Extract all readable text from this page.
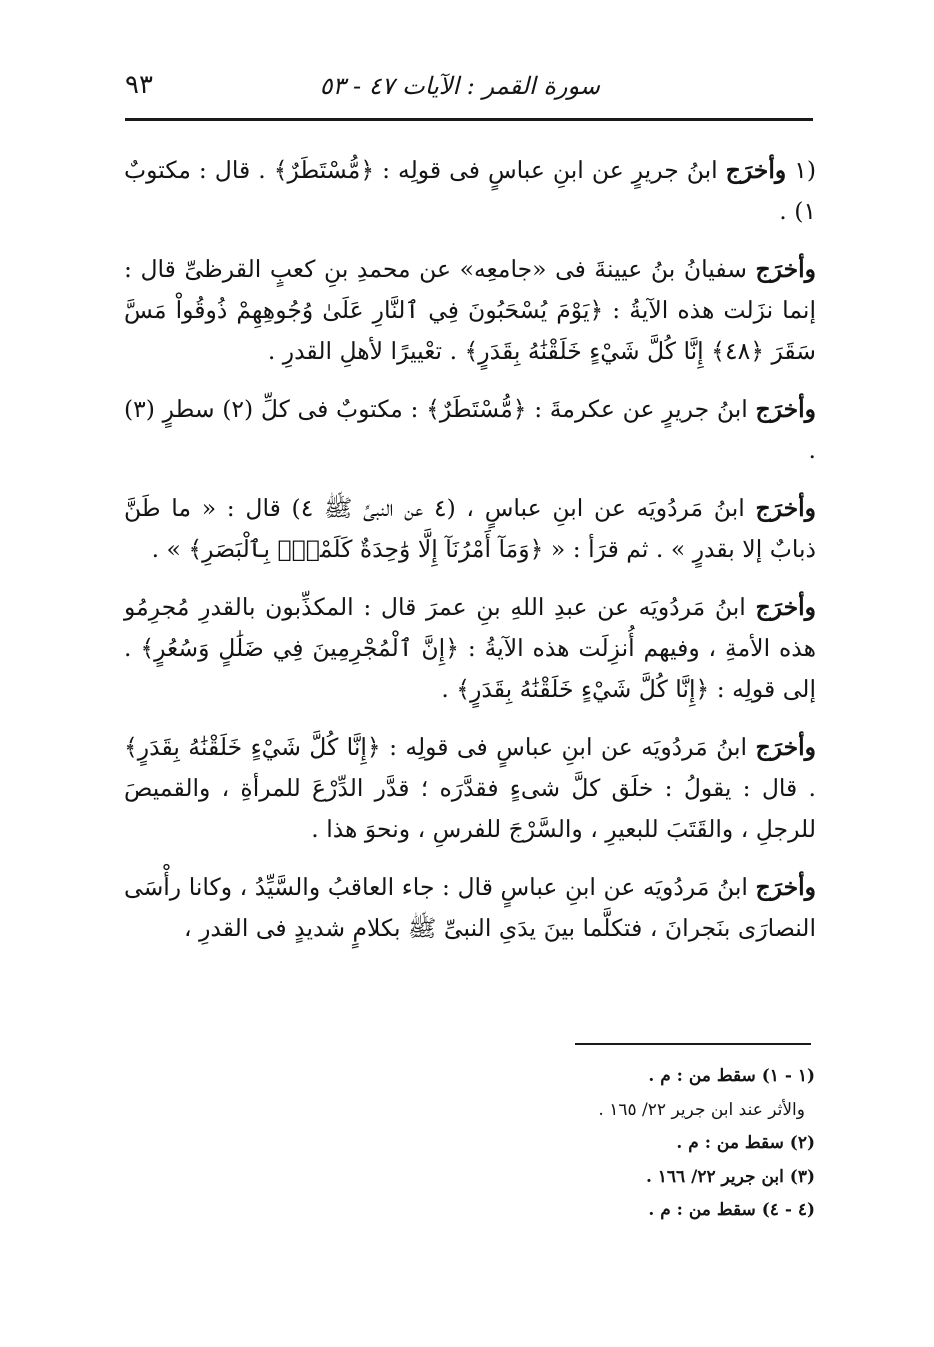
سورة القمر : الآيات ٤٧ - ٥٣
٩٣

(١ وأخرَج ابنُ جريرٍ عن ابنِ عباسٍ فى قولِه : ﴿مُّسْتَطَرٌ﴾ . قال : مكتوبٌ ١) .

وأخرَج سفيانُ بنُ عيينةَ فى «جامعِه» عن محمدِ بنِ كعبٍ القرظىِّ قال : إنما نزَلت هذه الآيةُ : ﴿يَوْمَ يُسْحَبُونَ فِي ٱلنَّارِ عَلَىٰ وُجُوهِهِمْ ذُوقُواْ مَسَّ سَقَرَ ﴿٤٨﴾ إِنَّا كُلَّ شَيْءٍ خَلَقْنَٰهُ بِقَدَرٍ﴾ . تعْييرًا لأهلِ القدرِ .

وأخرَج ابنُ جريرٍ عن عكرمةَ : ﴿مُّسْتَطَرٌ﴾ : مكتوبٌ فى كلِّ (٢) سطرٍ (٣) .

وأخرَج ابنُ مَردُويَه عن ابنِ عباسٍ ، (٤ عن النبىِّ ﷺ ٤) قال : « ما طَنَّ ذبابٌ إلا بقدرٍ » . ثم قرَأ : « ﴿وَمَآ أَمْرُنَآ إِلَّا وَٰحِدَةٌ كَلَمْحٍۭ بِٱلْبَصَرِ﴾ » .

وأخرَج ابنُ مَردُويَه عن عبدِ اللهِ بنِ عمرَ قال : المكذِّبون بالقدرِ مُجرِمُو هذه الأمةِ ، وفيهم أُنزِلَت هذه الآيةُ : ﴿إِنَّ ٱلْمُجْرِمِينَ فِي ضَلَٰلٍ وَسُعُرٍ﴾ . إلى قولِه : ﴿إِنَّا كُلَّ شَيْءٍ خَلَقْنَٰهُ بِقَدَرٍ﴾ .

وأخرَج ابنُ مَردُويَه عن ابنِ عباسٍ فى قولِه : ﴿إِنَّا كُلَّ شَيْءٍ خَلَقْنَٰهُ بِقَدَرٍ﴾ . قال : يقولُ : خلَق كلَّ شىءٍ فقدَّرَه ؛ قدَّر الدِّرْعَ للمرأةِ ، والقميصَ للرجلِ ، والقَتَبَ للبعيرِ ، والسَّرْجَ للفرسِ ، ونحوَ هذا .

وأخرَج ابنُ مَردُويَه عن ابنِ عباسٍ قال : جاء العاقبُ والسَّيِّدُ ، وكانا رأْسَى النصارَى بنَجرانَ ، فتكلَّما بينَ يدَىِ النبىِّ ﷺ بكلامٍ شديدٍ فى القدرِ ،

(١ - ١) سقط من : م .

والأثر عند ابن جرير ٢٢/ ١٦٥ .

(٢) سقط من : م .

(٣) ابن جرير ٢٢/ ١٦٦ .

(٤ - ٤) سقط من : م .
